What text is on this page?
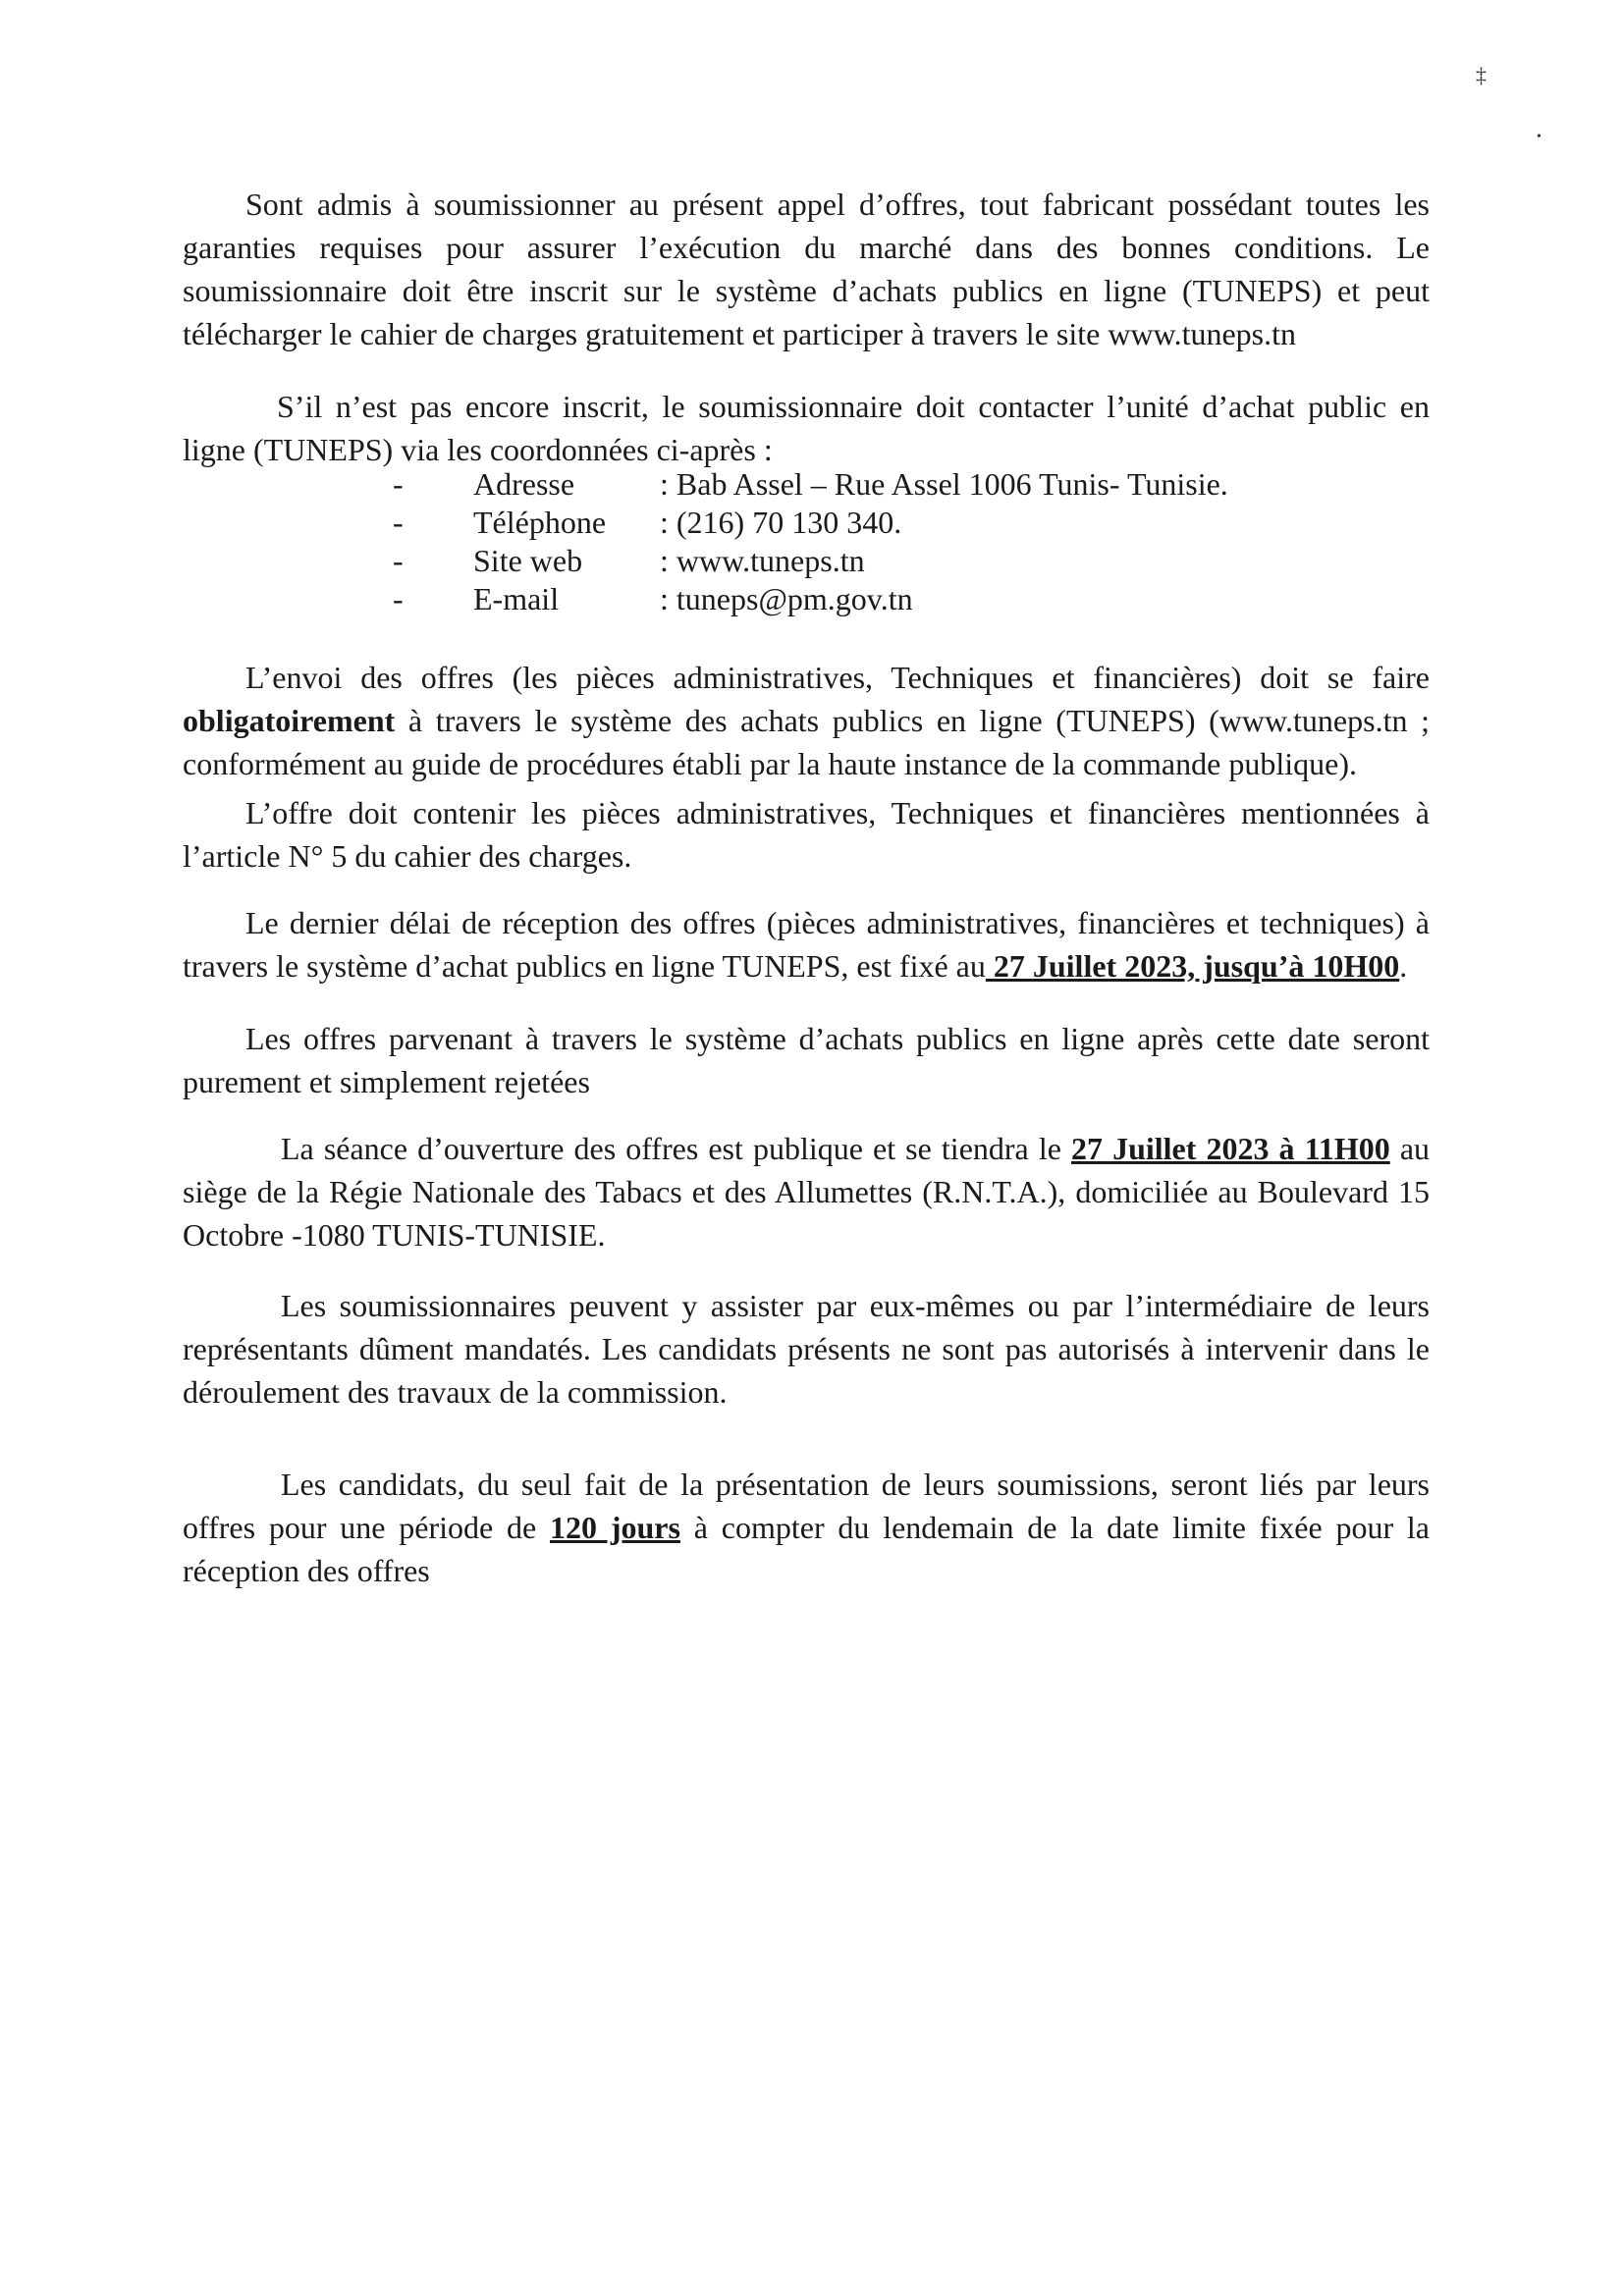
‡
•

Sont admis à soumissionner au présent appel d’offres, tout fabricant possédant toutes les garanties requises pour assurer l’exécution du marché dans des bonnes conditions. Le soumissionnaire doit être inscrit sur le système d’achats publics en ligne (TUNEPS) et peut télécharger le cahier de charges gratuitement et participer à travers le site www.tuneps.tn

S’il n’est pas encore inscrit, le soumissionnaire doit contacter l’unité d’achat public en ligne (TUNEPS) via les coordonnées ci-après :

-	Adresse	: Bab Assel – Rue Assel 1006 Tunis- Tunisie.
-	Téléphone	: (216) 70 130 340.
-	Site web	: www.tuneps.tn
-	E-mail	: tuneps@pm.gov.tn

L’envoi des offres (les pièces administratives, Techniques et financières) doit se faire obligatoirement à travers le système des achats publics en ligne (TUNEPS) (www.tuneps.tn ; conformément au guide de procédures établi par la haute instance de la commande publique).

L’offre doit contenir les pièces administratives, Techniques et financières mentionnées à l’article N° 5 du cahier des charges.

Le dernier délai de réception des offres (pièces administratives, financières et techniques) à travers le système d’achat publics en ligne TUNEPS, est fixé au 27 Juillet 2023, jusqu’à 10H00.

Les offres parvenant à travers le système d’achats publics en ligne après cette date seront purement et simplement rejetées

La séance d’ouverture des offres est publique et se tiendra le 27 Juillet 2023 à 11H00 au siège de la Régie Nationale des Tabacs et des Allumettes (R.N.T.A.), domiciliée au Boulevard 15 Octobre -1080 TUNIS-TUNISIE.

Les soumissionnaires peuvent y assister par eux-mêmes ou par l’intermédiaire de leurs représentants dûment mandatés. Les candidats présents ne sont pas autorisés à intervenir dans le déroulement des travaux de la commission.

Les candidats, du seul fait de la présentation de leurs soumissions, seront liés par leurs offres pour une période de 120 jours à compter du lendemain de la date limite fixée pour la réception des offres
